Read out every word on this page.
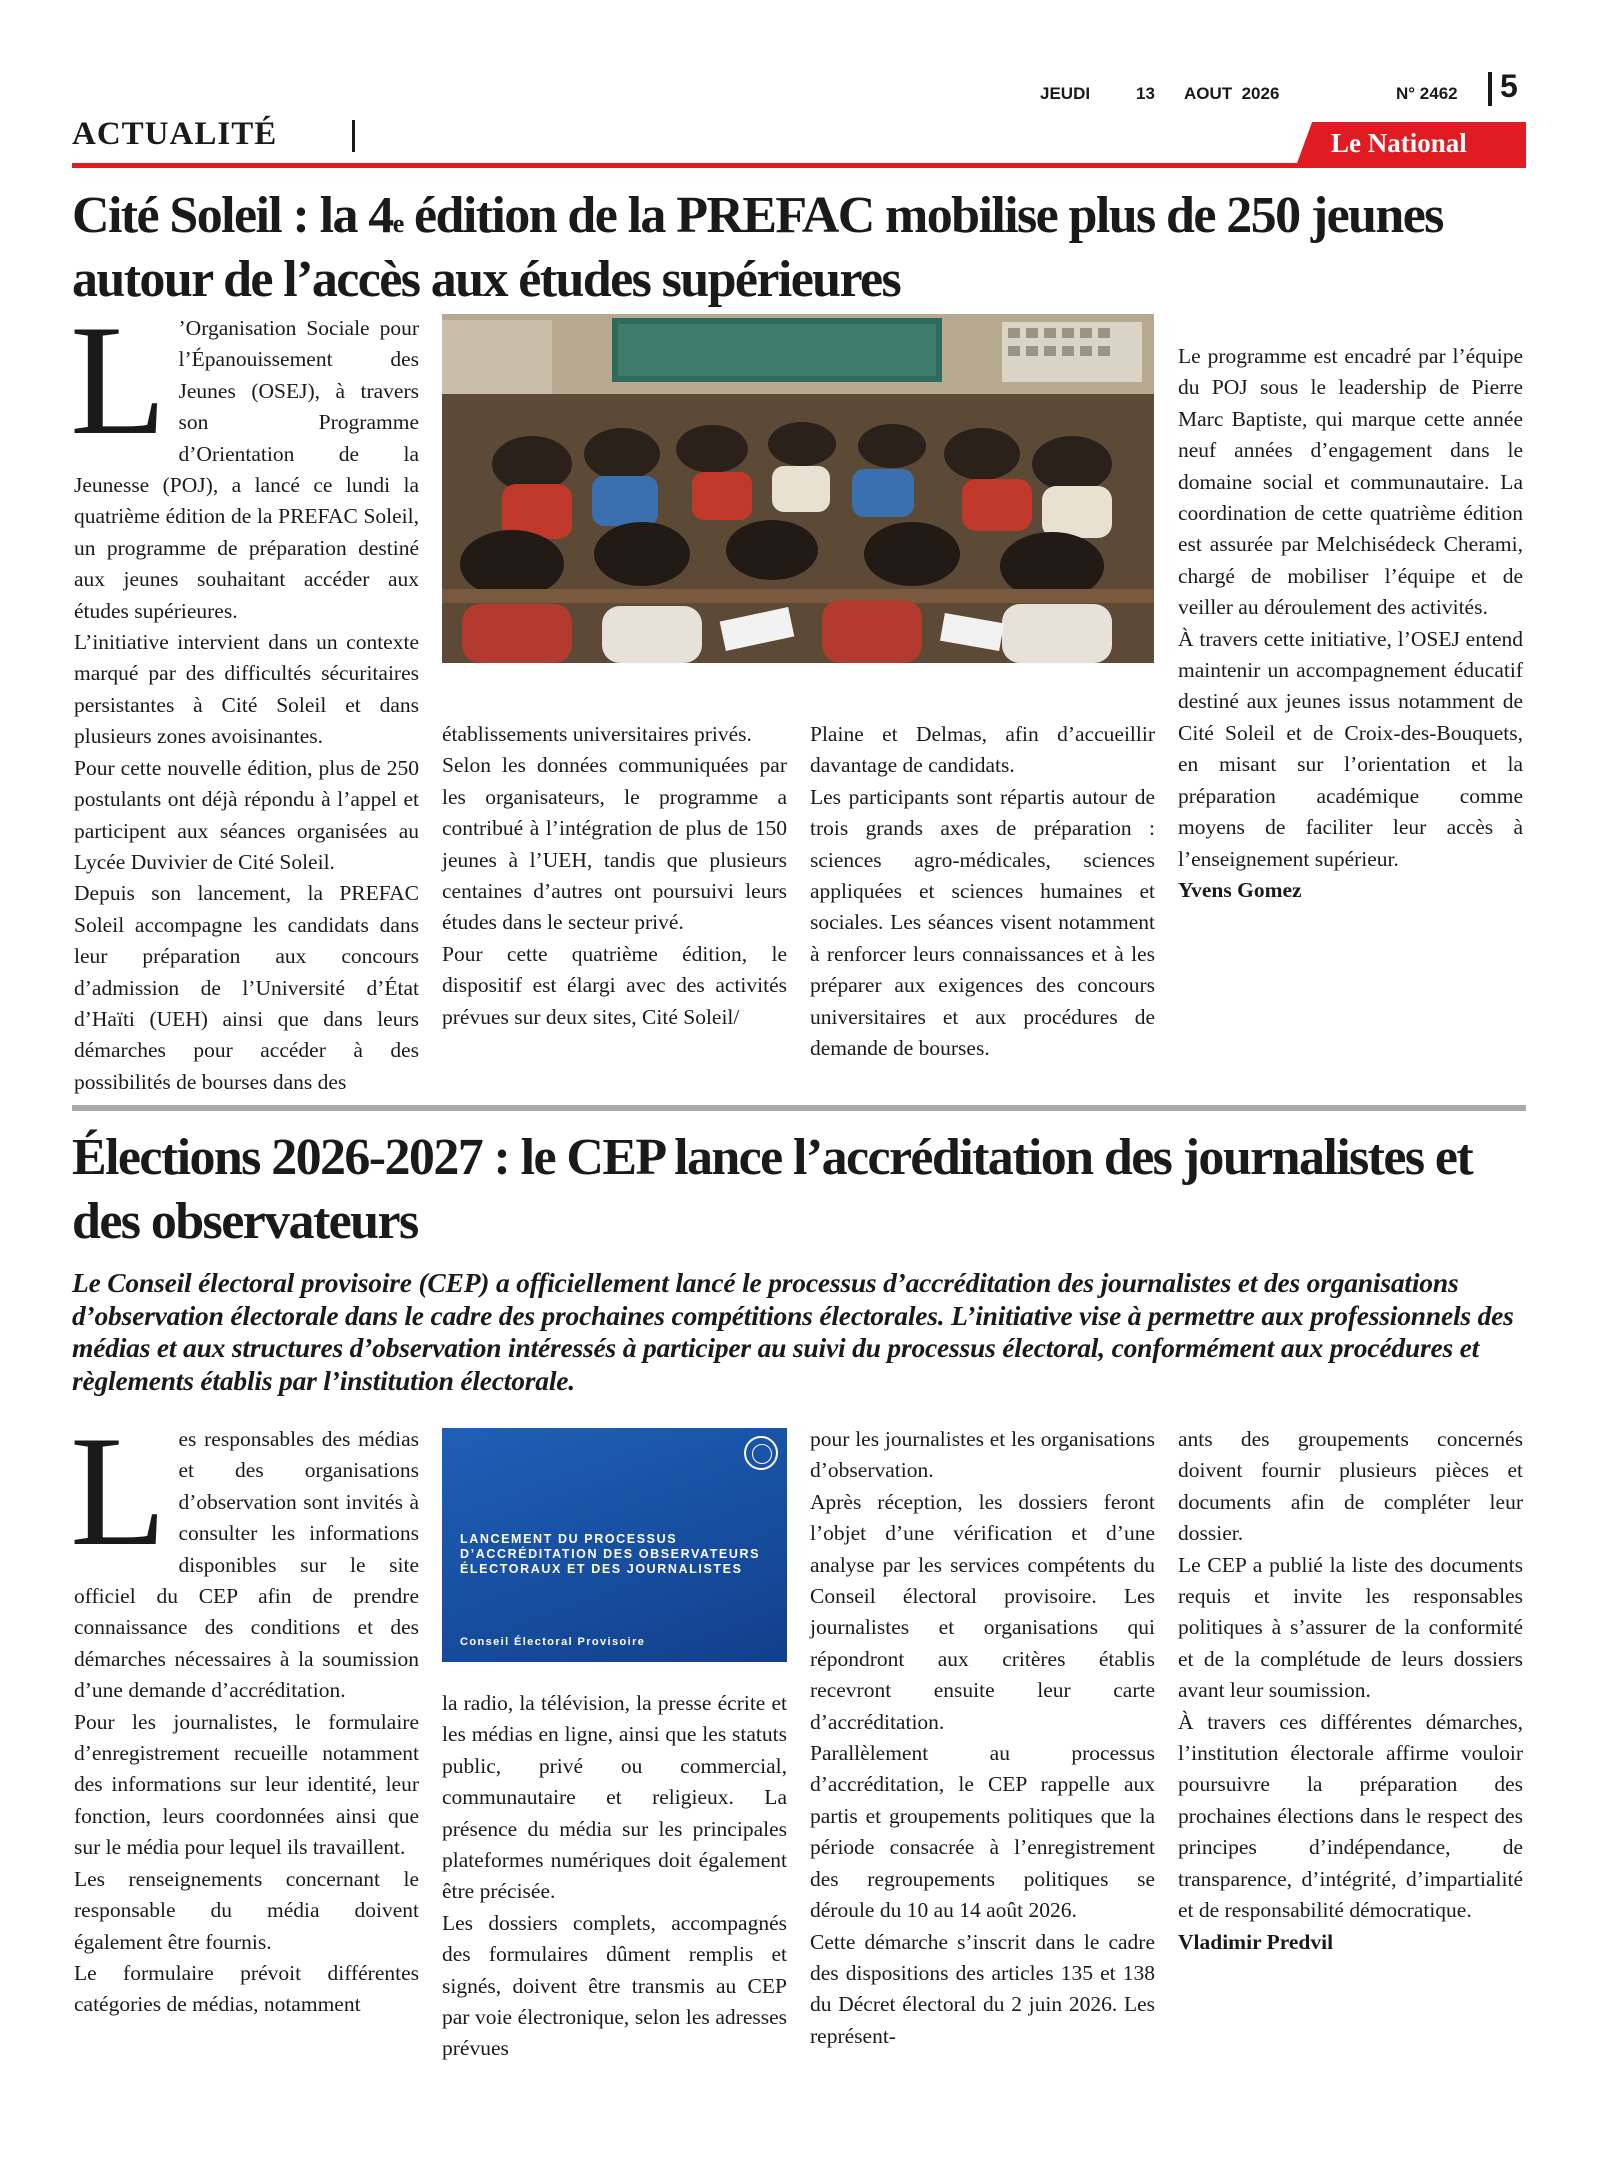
JEUDI	13 AOUT  2026	N° 2462 5
ACTUALITÉ	Le National
Cité Soleil : la 4e édition de la PREFAC mobilise plus de 250 jeunes autour de l’accès aux études supérieures
L ’Organisation Sociale pour l’Épanouissement des Jeunes (OSEJ), à travers son Programme d’Orientation de la Jeunesse (POJ), a lancé ce lundi la quatrième édition de la PREFAC Soleil, un programme de préparation destiné aux jeunes souhaitant accéder aux études supérieures.

L’initiative intervient dans un contexte marqué par des difficultés sécuritaires persistantes à Cité Soleil et dans plusieurs zones avoisinantes.

Pour cette nouvelle édition, plus de 250 postulants ont déjà répondu à l’appel et participent aux séances organisées au Lycée Duvivier de Cité Soleil.

Depuis son lancement, la PREFAC Soleil accompagne les candidats dans leur préparation aux concours d’admission de l’Université d’État d’Haïti (UEH) ainsi que dans leurs démarches pour accéder à des possibilités de bourses dans des

établissements universitaires privés.

Selon les données communiquées par les organisateurs, le programme a contribué à l’intégration de plus de 150 jeunes à l’UEH, tandis que plusieurs centaines d’autres ont poursuivi leurs études dans le secteur privé.

Pour cette quatrième édition, le dispositif est élargi avec des activités prévues sur deux sites, Cité Soleil/

Plaine et Delmas, afin d’accueillir davantage de candidats.

Les participants sont répartis autour de trois grands axes de préparation : sciences agro-médicales, sciences appliquées et sciences humaines et sociales. Les séances visent notamment à renforcer leurs connaissances et à les préparer aux exigences des concours universitaires et aux procédures de demande de bourses.

Le programme est encadré par l’équipe du POJ sous le leadership de Pierre Marc Baptiste, qui marque cette année neuf années d’engagement dans le domaine social et communautaire. La coordination de cette quatrième édition est assurée par Melchisédeck Cherami, chargé de mobiliser l’équipe et de veiller au déroulement des activités.

À travers cette initiative, l’OSEJ entend maintenir un accompagnement éducatif destiné aux jeunes issus notamment de Cité Soleil et de Croix-des-Bouquets, en misant sur l’orientation et la préparation académique comme moyens de faciliter leur accès à l’enseignement supérieur.

Yvens Gomez

Élections 2026-2027 : le CEP lance l’accréditation des journalistes et des observateurs
Le Conseil électoral provisoire (CEP) a officiellement lancé le processus d’accréditation des journalistes et des organisations d’observation électorale dans le cadre des prochaines compétitions électorales. L’initiative vise à permettre aux professionnels des médias et aux structures d’observation intéressés à participer au suivi du processus électoral, conformément aux procédures et règlements établis par l’institution électorale.
L es responsables des médias et des organisations d’observation sont invités à consulter les informations disponibles sur le site officiel du CEP afin de prendre connaissance des conditions et des démarches nécessaires à la soumission d’une demande d’accréditation.

Pour les journalistes, le formulaire d’enregistrement recueille notamment des informations sur leur identité, leur fonction, leurs coordonnées ainsi que sur le média pour lequel ils travaillent.

Les renseignements concernant le responsable du média doivent également être fournis.

Le formulaire prévoit différentes catégories de médias, notamment

LANCEMENT DU PROCESSUS D’ACCRÉDITATION DES OBSERVATEURS ÉLECTORAUX ET DES JOURNALISTES
Conseil Électoral Provisoire

la radio, la télévision, la presse écrite et les médias en ligne, ainsi que les statuts public, privé ou commercial, communautaire et religieux. La présence du média sur les principales plateformes numériques doit également être précisée.

Les dossiers complets, accompagnés des formulaires dûment remplis et signés, doivent être transmis au CEP par voie électronique, selon les adresses prévues

pour les journalistes et les organisations d’observation.

Après réception, les dossiers feront l’objet d’une vérification et d’une analyse par les services compétents du Conseil électoral provisoire. Les journalistes et organisations qui répondront aux critères établis recevront ensuite leur carte d’accréditation.

Parallèlement au processus d’accréditation, le CEP rappelle aux partis et groupements politiques que la période consacrée à l’enregistrement des regroupements politiques se déroule du 10 au 14 août 2026.

Cette démarche s’inscrit dans le cadre des dispositions des articles 135 et 138 du Décret électoral du 2 juin 2026. Les représent-

ants des groupements concernés doivent fournir plusieurs pièces et documents afin de compléter leur dossier.

Le CEP a publié la liste des documents requis et invite les responsables politiques à s’assurer de la conformité et de la complétude de leurs dossiers avant leur soumission.

À travers ces différentes démarches, l’institution électorale affirme vouloir poursuivre la préparation des prochaines élections dans le respect des principes d’indépendance, de transparence, d’intégrité, d’impartialité et de responsabilité démocratique.

Vladimir Predvil
